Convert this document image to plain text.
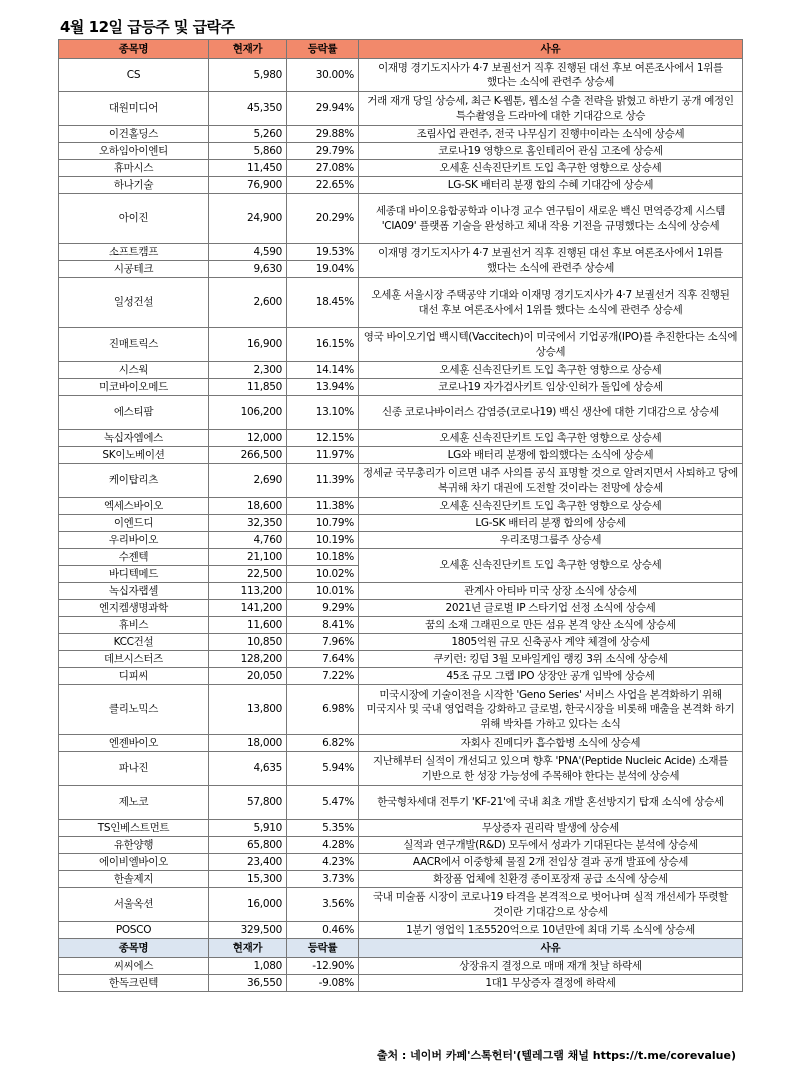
4월 12일 급등주 및 급락주
종목명	현재가	등락률	사유
CS	5,980	30.00%	이재명 경기도지사가 4·7 보궐선거 직후 진행된 대선 후보 여론조사에서 1위를 했다는 소식에 관련주 상승세
대원미디어	45,350	29.94%	거래 재개 당일 상승세, 최근 K-웹툰, 웹소설 수출 전략을 밝혔고 하반기 공개 예정인 특수촬영을 드라마에 대한 기대감으로 상승
이건홀딩스	5,260	29.88%	조림사업 관련주, 전국 나무심기 진행中이라는 소식에 상승세
오하임아이엔티	5,860	29.79%	코로나19 영향으로 홈인테리어 관심 고조에 상승세
휴마시스	11,450	27.08%	오세훈 신속진단키트 도입 촉구한 영향으로 상승세
하나기술	76,900	22.65%	LG-SK 배터리 분쟁 합의 수혜 기대감에 상승세
아이진	24,900	20.29%	세종대 바이오융합공학과 이나경 교수 연구팀이 새로운 백신 면역증강제 시스템 'CIA09' 플랫폼 기술을 완성하고 체내 작용 기전을 규명했다는 소식에 상승세
소프트캠프	4,590	19.53%	이재명 경기도지사가 4·7 보궐선거 직후 진행된 대선 후보 여론조사에서 1위를 했다는 소식에 관련주 상승세
시공테크	9,630	19.04%	
일성건설	2,600	18.45%	오세훈 서울시장 주택공약 기대와 이재명 경기도지사가 4·7 보궐선거 직후 진행된 대선 후보 여론조사에서 1위를 했다는 소식에 관련주 상승세
진매트릭스	16,900	16.15%	영국 바이오기업 백시텍(Vaccitech)이 미국에서 기업공개(IPO)를 추진한다는 소식에 상승세
시스웍	2,300	14.14%	오세훈 신속진단키트 도입 촉구한 영향으로 상승세
미코바이오메드	11,850	13.94%	코로나19 자가검사키트 임상·인허가 돌입에 상승세
에스티팜	106,200	13.10%	신종 코로나바이러스 감염증(코로나19) 백신 생산에 대한 기대감으로 상승세
녹십자엠에스	12,000	12.15%	오세훈 신속진단키트 도입 촉구한 영향으로 상승세
SK이노베이션	266,500	11.97%	LG와 배터리 분쟁에 합의했다는 소식에 상승세
케이탑리츠	2,690	11.39%	정세균 국무총리가 이르면 내주 사의를 공식 표명할 것으로 알려지면서 사퇴하고 당에 복귀해 차기 대권에 도전할 것이라는 전망에 상승세
엑세스바이오	18,600	11.38%	오세훈 신속진단키트 도입 촉구한 영향으로 상승세
이엔드디	32,350	10.79%	LG-SK 배터리 분쟁 합의에 상승세
우리바이오	4,760	10.19%	우리조명그룹주 상승세
수젠텍	21,100	10.18%	오세훈 신속진단키트 도입 촉구한 영향으로 상승세
바디텍메드	22,500	10.02%	
녹십자랩셀	113,200	10.01%	관계사 아티바 미국 상장 소식에 상승세
엔지켐생명과학	141,200	9.29%	2021년 글로벌 IP 스타기업 선정 소식에 상승세
휴비스	11,600	8.41%	꿈의 소재 그래핀으로 만든 섬유 본격 양산 소식에 상승세
KCC건설	10,850	7.96%	1805억원 규모 신축공사 계약 체결에 상승세
데브시스터즈	128,200	7.64%	쿠키런: 킹덤 3월 모바일게임 랭킹 3위 소식에 상승세
디피씨	20,050	7.22%	45조 규모 그랩 IPO 상장안 공개 임박에 상승세
클리노믹스	13,800	6.98%	미국시장에 기술이전을 시작한 'Geno Series' 서비스 사업을 본격화하기 위해 미국지사 및 국내 영업력을 강화하고 글로벌, 한국시장을 비롯해 매출을 본격화 하기 위해 박차를 가하고 있다는 소식
엔젠바이오	18,000	6.82%	자회사 진메디카 흡수합병 소식에 상승세
파나진	4,635	5.94%	지난해부터 실적이 개선되고 있으며 향후 'PNA'(Peptide Nucleic Acide) 소재를 기반으로 한 성장 가능성에 주목해야 한다는 분석에 상승세
제노코	57,800	5.47%	한국형차세대 전투기 'KF-21'에 국내 최초 개발 혼선방지기 탑재 소식에 상승세
TS인베스트먼트	5,910	5.35%	무상증자 권리락 발생에 상승세
유한양행	65,800	4.28%	실적과 연구개발(R&D) 모두에서 성과가 기대된다는 분석에 상승세
에이비엘바이오	23,400	4.23%	AACR에서 이중항체 물질 2개 전임상 결과 공개 발표에 상승세
한솔제지	15,300	3.73%	화장품 업체에 친환경 종이포장재 공급 소식에 상승세
서울옥션	16,000	3.56%	국내 미술품 시장이 코로나19 타격을 본격적으로 벗어나며 실적 개선세가 뚜렷할 것이란 기대감으로 상승세
POSCO	329,500	0.46%	1분기 영업익 1조5520억으로 10년만에 최대 기록 소식에 상승세
종목명	현재가	등락률	사유
씨씨에스	1,080	-12.90%	상장유지 결정으로 매매 재개 첫날 하락세
한독크린텍	36,550	-9.08%	1대1 무상증자 결정에 하락세
출처 : 네이버 카페'스톡헌터'(텔레그램 채널 https://t.me/corevalue)
